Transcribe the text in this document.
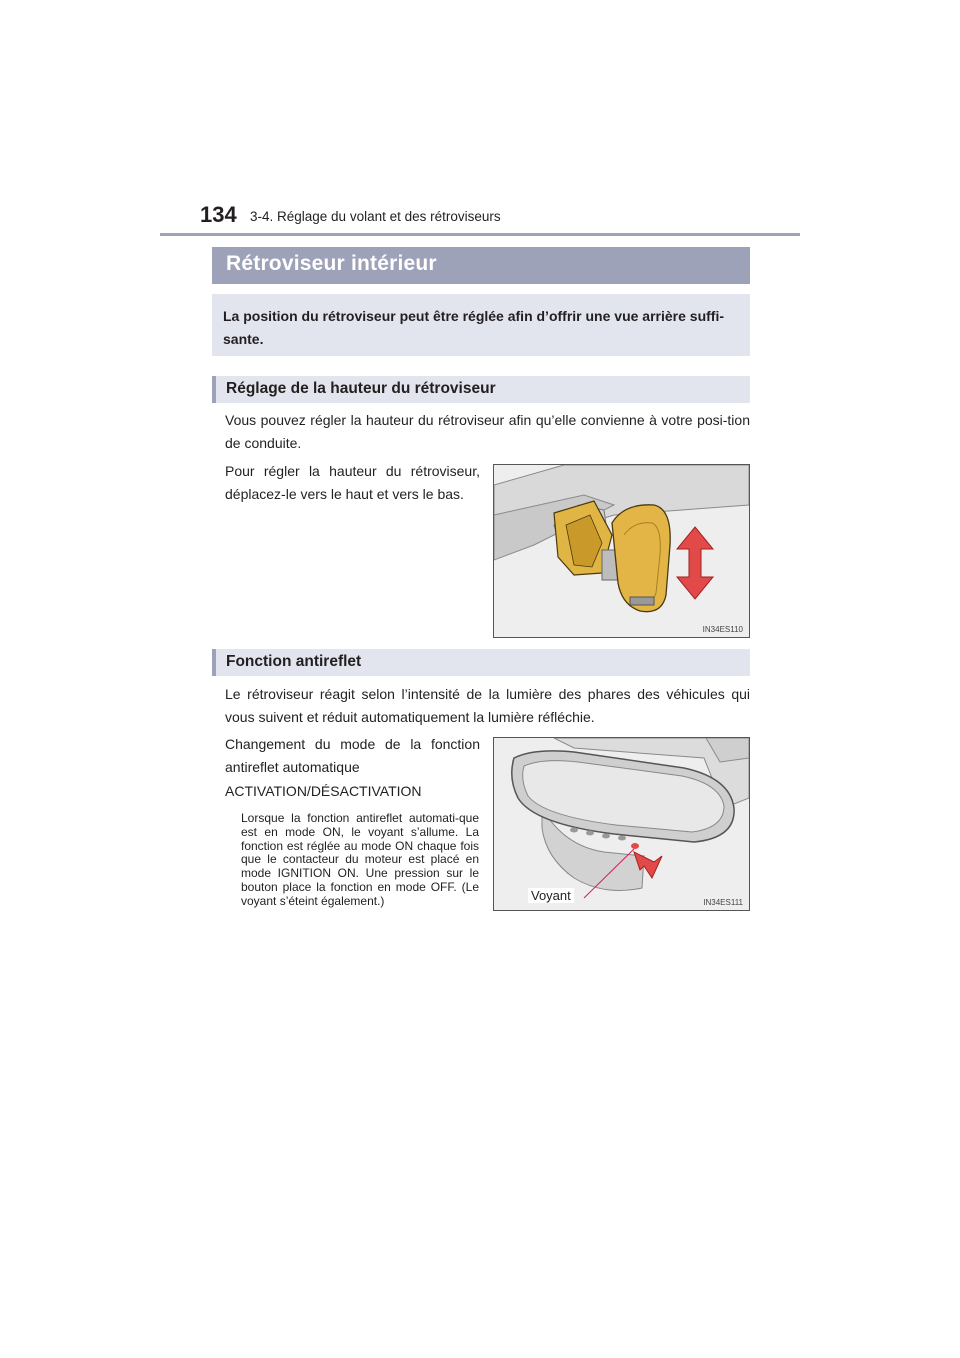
134 3-4. Réglage du volant et des rétroviseurs
Rétroviseur intérieur
La position du rétroviseur peut être réglée afin d’offrir une vue arrière suffi-sante.
Réglage de la hauteur du rétroviseur
Vous pouvez régler la hauteur du rétroviseur afin qu’elle convienne à votre posi-tion de conduite.
Pour régler la hauteur du rétroviseur, déplacez-le vers le haut et vers le bas.
IN34ES110
Fonction antireflet
Le rétroviseur réagit selon l’intensité de la lumière des phares des véhicules qui vous suivent et réduit automatiquement la lumière réfléchie.
Changement du mode de la fonction antireflet automatique
ACTIVATION/DÉSACTIVATION
Lorsque la fonction antireflet automati-que est en mode ON, le voyant s’allume. La fonction est réglée au mode ON chaque fois que le contacteur du moteur est placé en mode IGNITION ON. Une pression sur le bouton place la fonction en mode OFF. (Le voyant s’éteint également.)	Voyant	IN34ES111
